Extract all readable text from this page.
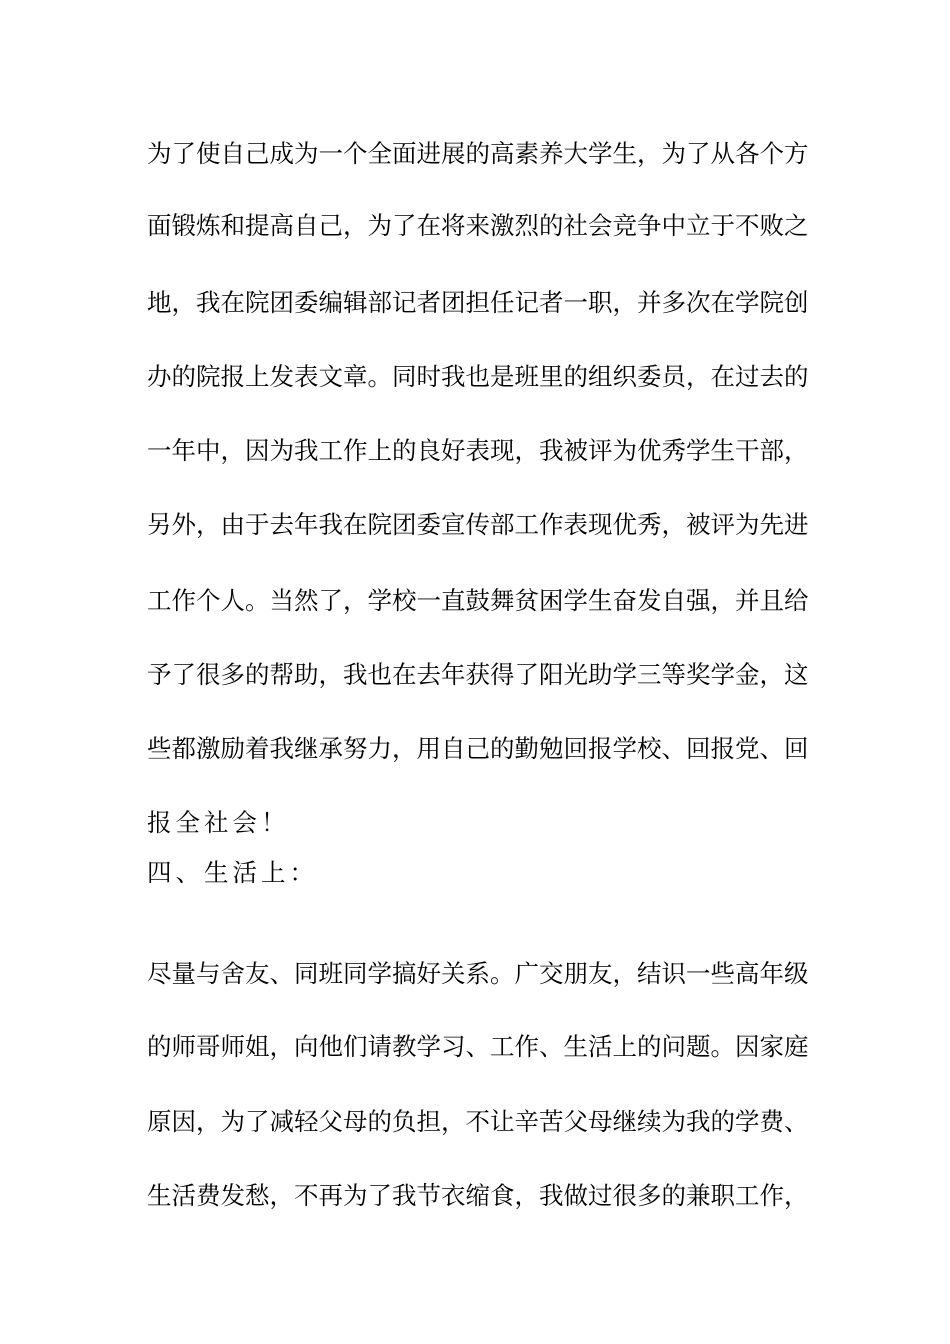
为了使自己成为一个全面进展的高素养大学生，为了从各个方
面锻炼和提高自己，为了在将来激烈的社会竞争中立于不败之
地，我在院团委编辑部记者团担任记者一职，并多次在学院创
办的院报上发表文章。同时我也是班里的组织委员，在过去的
一年中，因为我工作上的良好表现，我被评为优秀学生干部，
另外，由于去年我在院团委宣传部工作表现优秀，被评为先进
工作个人。当然了，学校一直鼓舞贫困学生奋发自强，并且给
予了很多的帮助，我也在去年获得了阳光助学三等奖学金，这
些都激励着我继承努力，用自己的勤勉回报学校、回报党、回
报全社会！
四、生活上：
尽量与舍友、同班同学搞好关系。广交朋友，结识一些高年级
的师哥师姐，向他们请教学习、工作、生活上的问题。因家庭
原因，为了减轻父母的负担，不让辛苦父母继续为我的学费、
生活费发愁，不再为了我节衣缩食，我做过很多的兼职工作，
